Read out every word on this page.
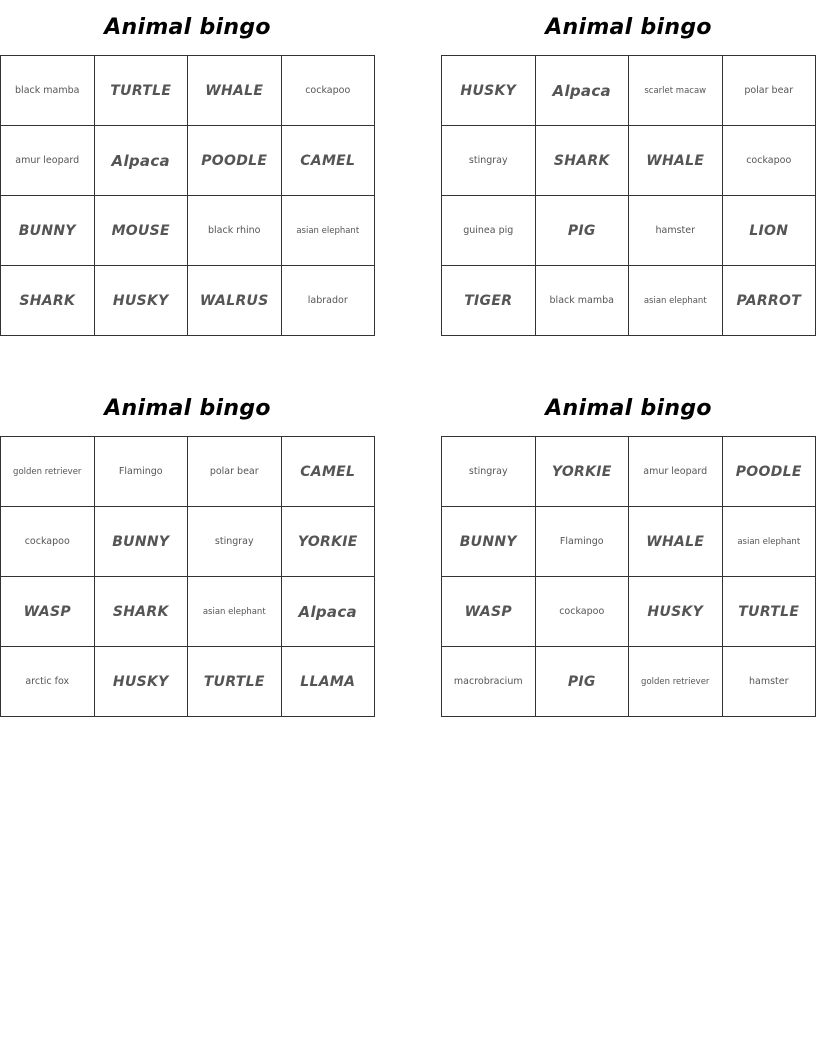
Animal bingo
black mamba	TURTLE	WHALE	cockapoo
amur leopard	Alpaca	POODLE	CAMEL
BUNNY	MOUSE	black rhino	asian elephant
SHARK	HUSKY	WALRUS	labrador
Animal bingo
HUSKY	Alpaca	scarlet macaw	polar bear
stingray	SHARK	WHALE	cockapoo
guinea pig	PIG	hamster	LION
TIGER	black mamba	asian elephant	PARROT
Animal bingo
golden retriever	Flamingo	polar bear	CAMEL
cockapoo	BUNNY	stingray	YORKIE
WASP	SHARK	asian elephant	Alpaca
arctic fox	HUSKY	TURTLE	LLAMA
Animal bingo
stingray	YORKIE	amur leopard	POODLE
BUNNY	Flamingo	WHALE	asian elephant
WASP	cockapoo	HUSKY	TURTLE
macrobracium	PIG	golden retriever	hamster
